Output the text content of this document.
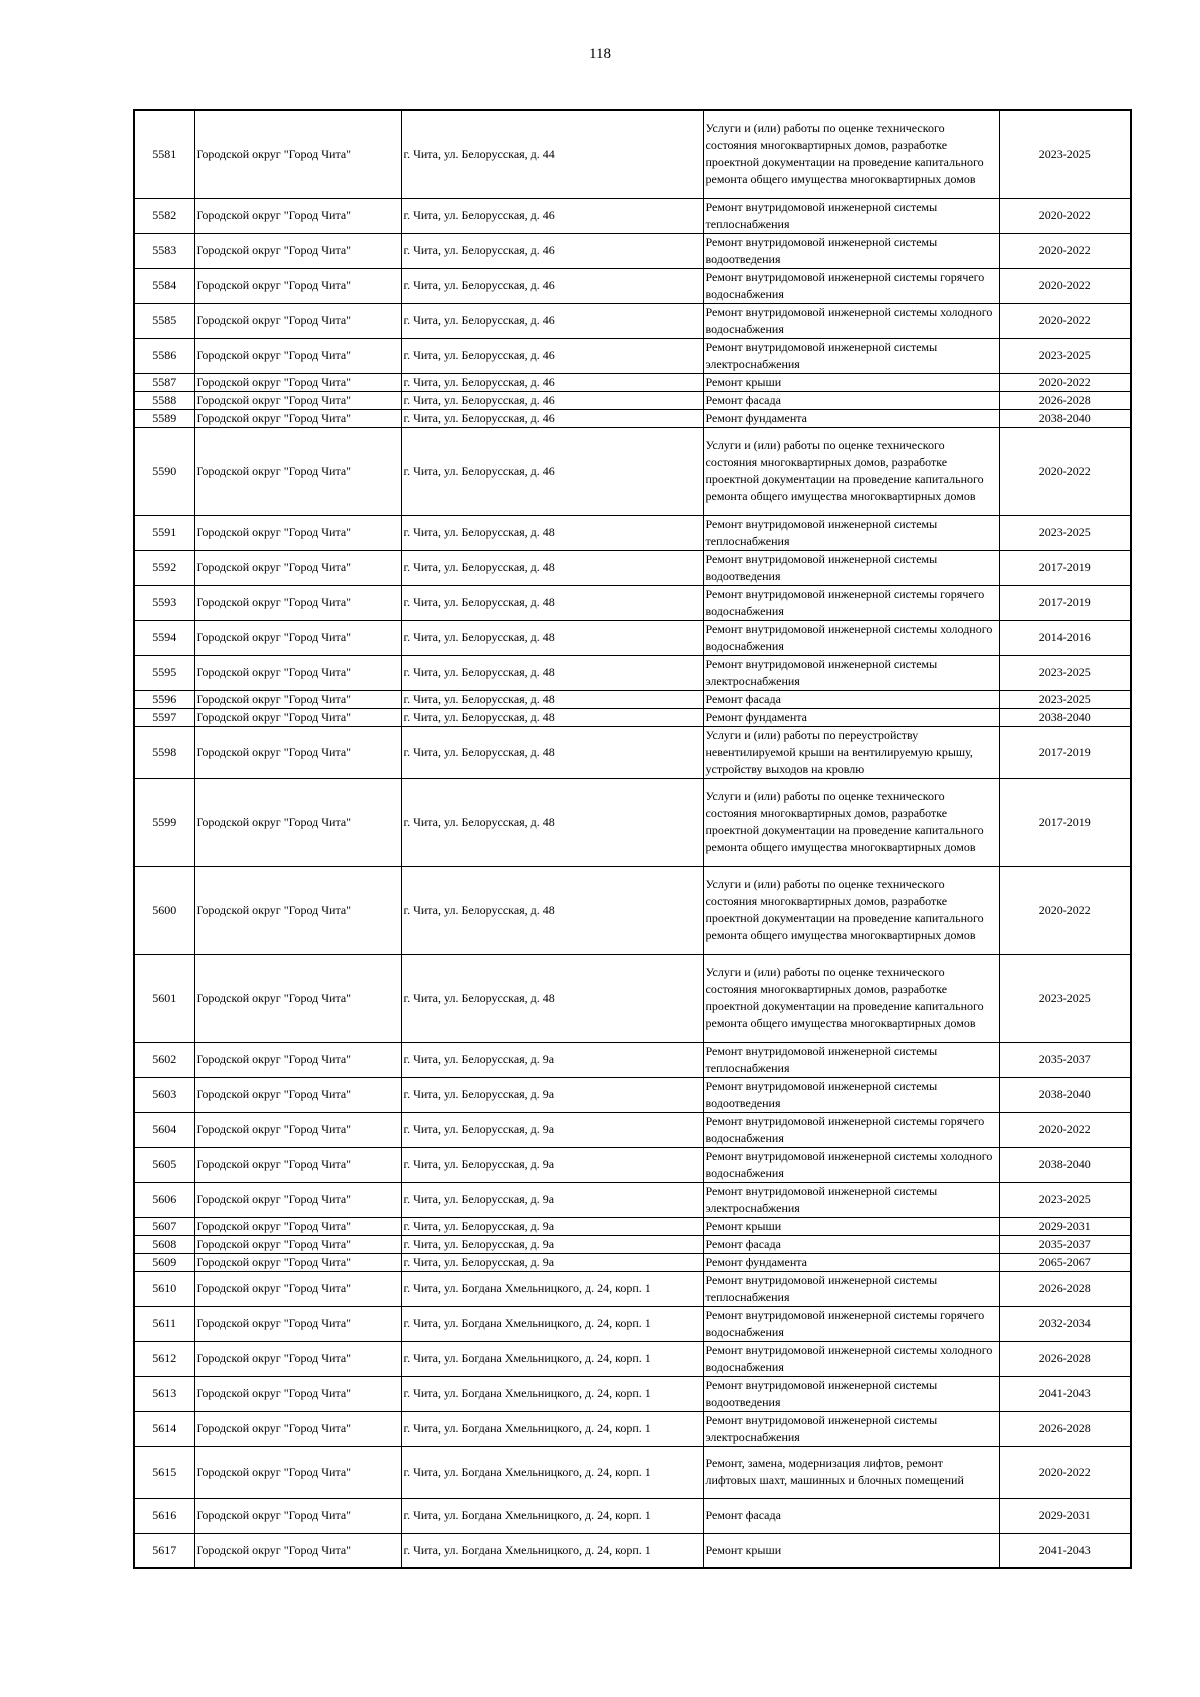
118
5581	Городской округ "Город Чита"	г. Чита, ул. Белорусская, д. 44	Услуги и (или) работы по оценке технического состояния многоквартирных домов, разработке проектной документации на проведение капитального ремонта общего имущества многоквартирных домов	2023-2025
5582	Городской округ "Город Чита"	г. Чита, ул. Белорусская, д. 46	Ремонт внутридомовой инженерной системы теплоснабжения	2020-2022
5583	Городской округ "Город Чита"	г. Чита, ул. Белорусская, д. 46	Ремонт внутридомовой инженерной системы водоотведения	2020-2022
5584	Городской округ "Город Чита"	г. Чита, ул. Белорусская, д. 46	Ремонт внутридомовой инженерной системы горячего водоснабжения	2020-2022
5585	Городской округ "Город Чита"	г. Чита, ул. Белорусская, д. 46	Ремонт внутридомовой инженерной системы холодного водоснабжения	2020-2022
5586	Городской округ "Город Чита"	г. Чита, ул. Белорусская, д. 46	Ремонт внутридомовой инженерной системы электроснабжения	2023-2025
5587	Городской округ "Город Чита"	г. Чита, ул. Белорусская, д. 46	Ремонт крыши	2020-2022
5588	Городской округ "Город Чита"	г. Чита, ул. Белорусская, д. 46	Ремонт фасада	2026-2028
5589	Городской округ "Город Чита"	г. Чита, ул. Белорусская, д. 46	Ремонт фундамента	2038-2040
5590	Городской округ "Город Чита"	г. Чита, ул. Белорусская, д. 46	Услуги и (или) работы по оценке технического состояния многоквартирных домов, разработке проектной документации на проведение капитального ремонта общего имущества многоквартирных домов	2020-2022
5591	Городской округ "Город Чита"	г. Чита, ул. Белорусская, д. 48	Ремонт внутридомовой инженерной системы теплоснабжения	2023-2025
5592	Городской округ "Город Чита"	г. Чита, ул. Белорусская, д. 48	Ремонт внутридомовой инженерной системы водоотведения	2017-2019
5593	Городской округ "Город Чита"	г. Чита, ул. Белорусская, д. 48	Ремонт внутридомовой инженерной системы горячего водоснабжения	2017-2019
5594	Городской округ "Город Чита"	г. Чита, ул. Белорусская, д. 48	Ремонт внутридомовой инженерной системы холодного водоснабжения	2014-2016
5595	Городской округ "Город Чита"	г. Чита, ул. Белорусская, д. 48	Ремонт внутридомовой инженерной системы электроснабжения	2023-2025
5596	Городской округ "Город Чита"	г. Чита, ул. Белорусская, д. 48	Ремонт фасада	2023-2025
5597	Городской округ "Город Чита"	г. Чита, ул. Белорусская, д. 48	Ремонт фундамента	2038-2040
5598	Городской округ "Город Чита"	г. Чита, ул. Белорусская, д. 48	Услуги и (или) работы по переустройству невентилируемой крыши на вентилируемую крышу, устройству выходов на кровлю	2017-2019
5599	Городской округ "Город Чита"	г. Чита, ул. Белорусская, д. 48	Услуги и (или) работы по оценке технического состояния многоквартирных домов, разработке проектной документации на проведение капитального ремонта общего имущества многоквартирных домов	2017-2019
5600	Городской округ "Город Чита"	г. Чита, ул. Белорусская, д. 48	Услуги и (или) работы по оценке технического состояния многоквартирных домов, разработке проектной документации на проведение капитального ремонта общего имущества многоквартирных домов	2020-2022
5601	Городской округ "Город Чита"	г. Чита, ул. Белорусская, д. 48	Услуги и (или) работы по оценке технического состояния многоквартирных домов, разработке проектной документации на проведение капитального ремонта общего имущества многоквартирных домов	2023-2025
5602	Городской округ "Город Чита"	г. Чита, ул. Белорусская, д. 9а	Ремонт внутридомовой инженерной системы теплоснабжения	2035-2037
5603	Городской округ "Город Чита"	г. Чита, ул. Белорусская, д. 9а	Ремонт внутридомовой инженерной системы водоотведения	2038-2040
5604	Городской округ "Город Чита"	г. Чита, ул. Белорусская, д. 9а	Ремонт внутридомовой инженерной системы горячего водоснабжения	2020-2022
5605	Городской округ "Город Чита"	г. Чита, ул. Белорусская, д. 9а	Ремонт внутридомовой инженерной системы холодного водоснабжения	2038-2040
5606	Городской округ "Город Чита"	г. Чита, ул. Белорусская, д. 9а	Ремонт внутридомовой инженерной системы электроснабжения	2023-2025
5607	Городской округ "Город Чита"	г. Чита, ул. Белорусская, д. 9а	Ремонт крыши	2029-2031
5608	Городской округ "Город Чита"	г. Чита, ул. Белорусская, д. 9а	Ремонт фасада	2035-2037
5609	Городской округ "Город Чита"	г. Чита, ул. Белорусская, д. 9а	Ремонт фундамента	2065-2067
5610	Городской округ "Город Чита"	г. Чита, ул. Богдана Хмельницкого, д. 24, корп. 1	Ремонт внутридомовой инженерной системы теплоснабжения	2026-2028
5611	Городской округ "Город Чита"	г. Чита, ул. Богдана Хмельницкого, д. 24, корп. 1	Ремонт внутридомовой инженерной системы горячего водоснабжения	2032-2034
5612	Городской округ "Город Чита"	г. Чита, ул. Богдана Хмельницкого, д. 24, корп. 1	Ремонт внутридомовой инженерной системы холодного водоснабжения	2026-2028
5613	Городской округ "Город Чита"	г. Чита, ул. Богдана Хмельницкого, д. 24, корп. 1	Ремонт внутридомовой инженерной системы водоотведения	2041-2043
5614	Городской округ "Город Чита"	г. Чита, ул. Богдана Хмельницкого, д. 24, корп. 1	Ремонт внутридомовой инженерной системы электроснабжения	2026-2028
5615	Городской округ "Город Чита"	г. Чита, ул. Богдана Хмельницкого, д. 24, корп. 1	Ремонт, замена, модернизация лифтов, ремонт лифтовых шахт, машинных и блочных помещений	2020-2022
5616	Городской округ "Город Чита"	г. Чита, ул. Богдана Хмельницкого, д. 24, корп. 1	Ремонт фасада	2029-2031
5617	Городской округ "Город Чита"	г. Чита, ул. Богдана Хмельницкого, д. 24, корп. 1	Ремонт крыши	2041-2043
